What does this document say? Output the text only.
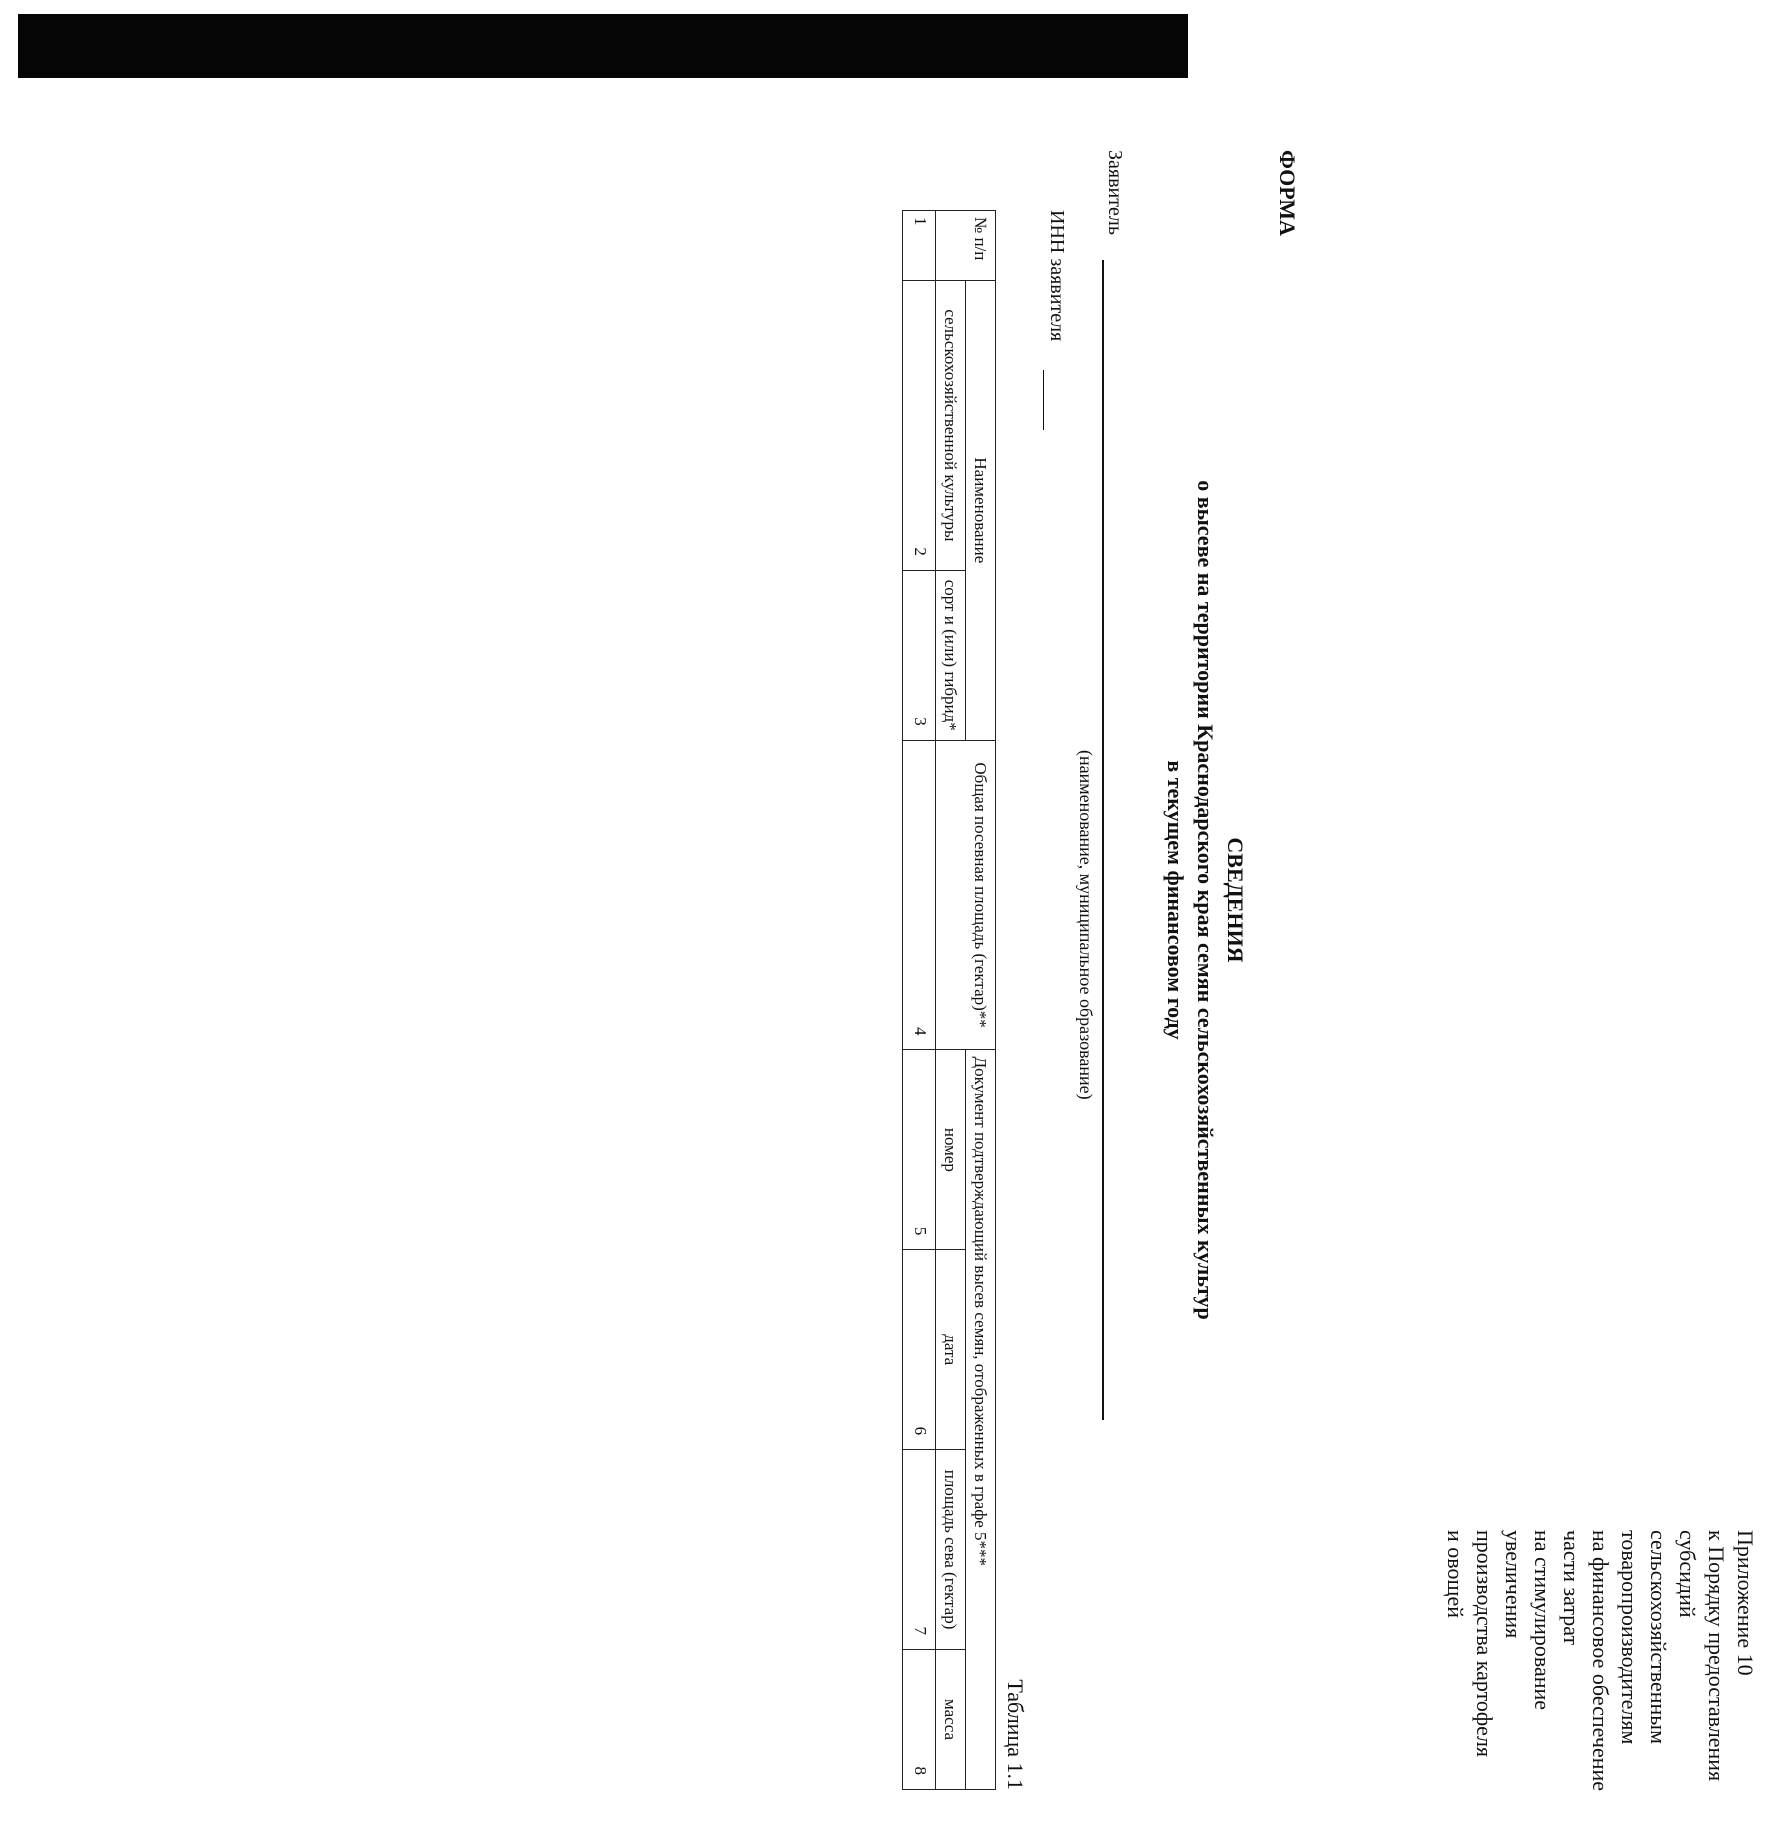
Приложение 10
к Порядку предоставления
субсидий
сельскохозяйственным
товаропроизводителям
на финансовое обеспечение
части затрат
на стимулирование
увеличения
производства картофеля
и овощей
ФОРМА
СВЕДЕНИЯ
о высеве на территории Краснодарского края семян сельскохозяйственных культур
в текущем финансовом году
Заявитель
(наименование, муниципальное образование)
ИНН заявителя
Таблица 1.1
№ п/п	Наименование		Общая посевная площадь (гектар)**	Документ подтверждающий высев семян, отображенных в графе 5***			
	сельскохозяйственной культуры	сорт и (или) гибрид*		номер	дата	площадь сева (гектар)	масса
1	2	3	4	5	6	7	8
